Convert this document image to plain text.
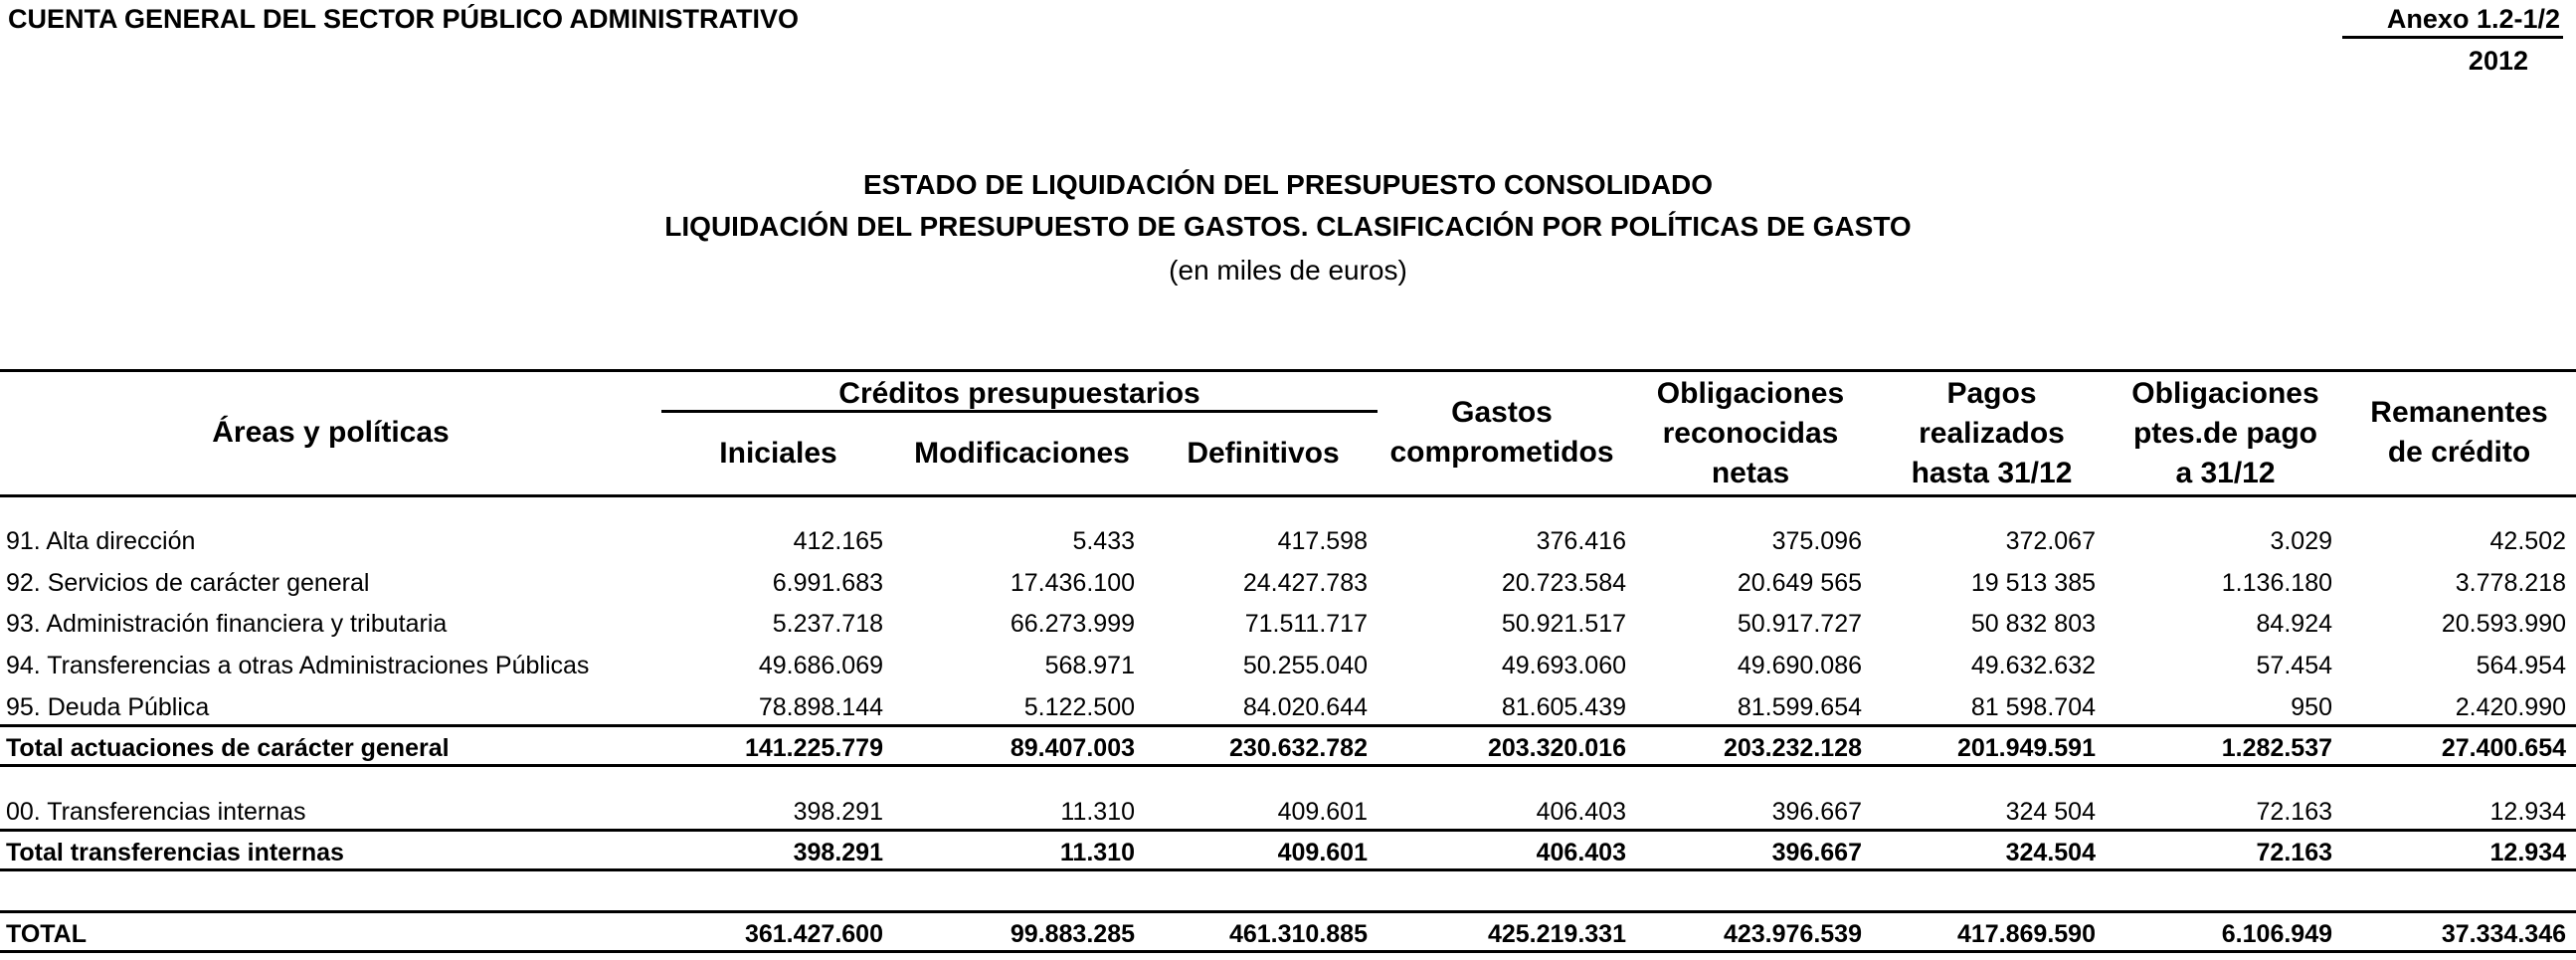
CUENTA GENERAL DEL SECTOR PÚBLICO ADMINISTRATIVO	Anexo 1.2-1/2
2012
ESTADO DE LIQUIDACIÓN DEL PRESUPUESTO CONSOLIDADO
LIQUIDACIÓN DEL PRESUPUESTO DE GASTOS. CLASIFICACIÓN POR POLÍTICAS DE GASTO
(en miles de euros)
Áreas y políticas
Créditos presupuestarios
Iniciales	Modificaciones	Definitivos
Gastos
comprometidos
Obligaciones
reconocidas
netas
Pagos
realizados
hasta 31/12
Obligaciones
ptes.de pago
a 31/12
Remanentes
de crédito
91. Alta dirección	412.165	5.433	417.598	376.416	375.096	372.067	3.029	42.502
92. Servicios de carácter general	6.991.683	17.436.100	24.427.783	20.723.584	20.649 565	19 513 385	1.136.180	3.778.218
93. Administración financiera y tributaria	5.237.718	66.273.999	71.511.717	50.921.517	50.917.727	50 832 803	84.924	20.593.990
94. Transferencias a otras Administraciones Públicas	49.686.069	568.971	50.255.040	49.693.060	49.690.086	49.632.632	57.454	564.954
95. Deuda Pública	78.898.144	5.122.500	84.020.644	81.605.439	81.599.654	81 598.704	950	2.420.990
Total actuaciones de carácter general	141.225.779	89.407.003	230.632.782	203.320.016	203.232.128	201.949.591	1.282.537	27.400.654
00. Transferencias internas	398.291	11.310	409.601	406.403	396.667	324 504	72.163	12.934
Total transferencias internas	398.291	11.310	409.601	406.403	396.667	324.504	72.163	12.934
TOTAL	361.427.600	99.883.285	461.310.885	425.219.331	423.976.539	417.869.590	6.106.949	37.334.346
